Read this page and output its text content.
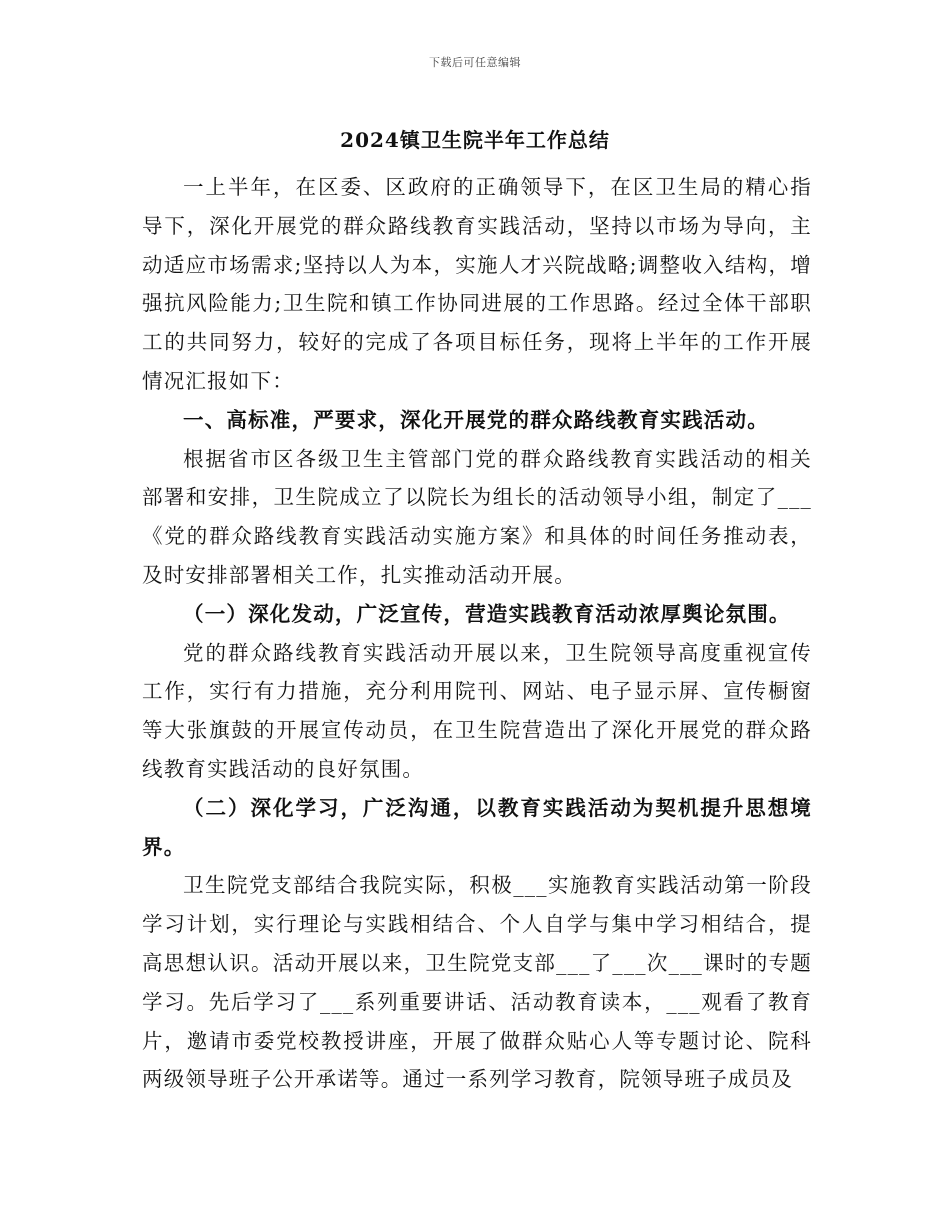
下载后可任意编辑
2024镇卫生院半年工作总结

一上半年，在区委、区政府的正确领导下，在区卫生局的精心指导下，深化开展党的群众路线教育实践活动，坚持以市场为导向，主动适应市场需求;坚持以人为本，实施人才兴院战略;调整收入结构，增强抗风险能力;卫生院和镇工作协同进展的工作思路。经过全体干部职工的共同努力，较好的完成了各项目标任务，现将上半年的工作开展情况汇报如下：

一、高标准，严要求，深化开展党的群众路线教育实践活动。

根据省市区各级卫生主管部门党的群众路线教育实践活动的相关部署和安排，卫生院成立了以院长为组长的活动领导小组，制定了___《党的群众路线教育实践活动实施方案》和具体的时间任务推动表，及时安排部署相关工作，扎实推动活动开展。

（一）深化发动，广泛宣传，营造实践教育活动浓厚舆论氛围。

党的群众路线教育实践活动开展以来，卫生院领导高度重视宣传工作，实行有力措施，充分利用院刊、网站、电子显示屏、宣传橱窗等大张旗鼓的开展宣传动员，在卫生院营造出了深化开展党的群众路线教育实践活动的良好氛围。

（二）深化学习，广泛沟通，以教育实践活动为契机提升思想境界。

卫生院党支部结合我院实际，积极___实施教育实践活动第一阶段学习计划，实行理论与实践相结合、个人自学与集中学习相结合，提高思想认识。活动开展以来，卫生院党支部___了___次___课时的专题学习。先后学习了___系列重要讲话、活动教育读本，___观看了教育片，邀请市委党校教授讲座，开展了做群众贴心人等专题讨论、院科两级领导班子公开承诺等。通过一系列学习教育，院领导班子成员及
